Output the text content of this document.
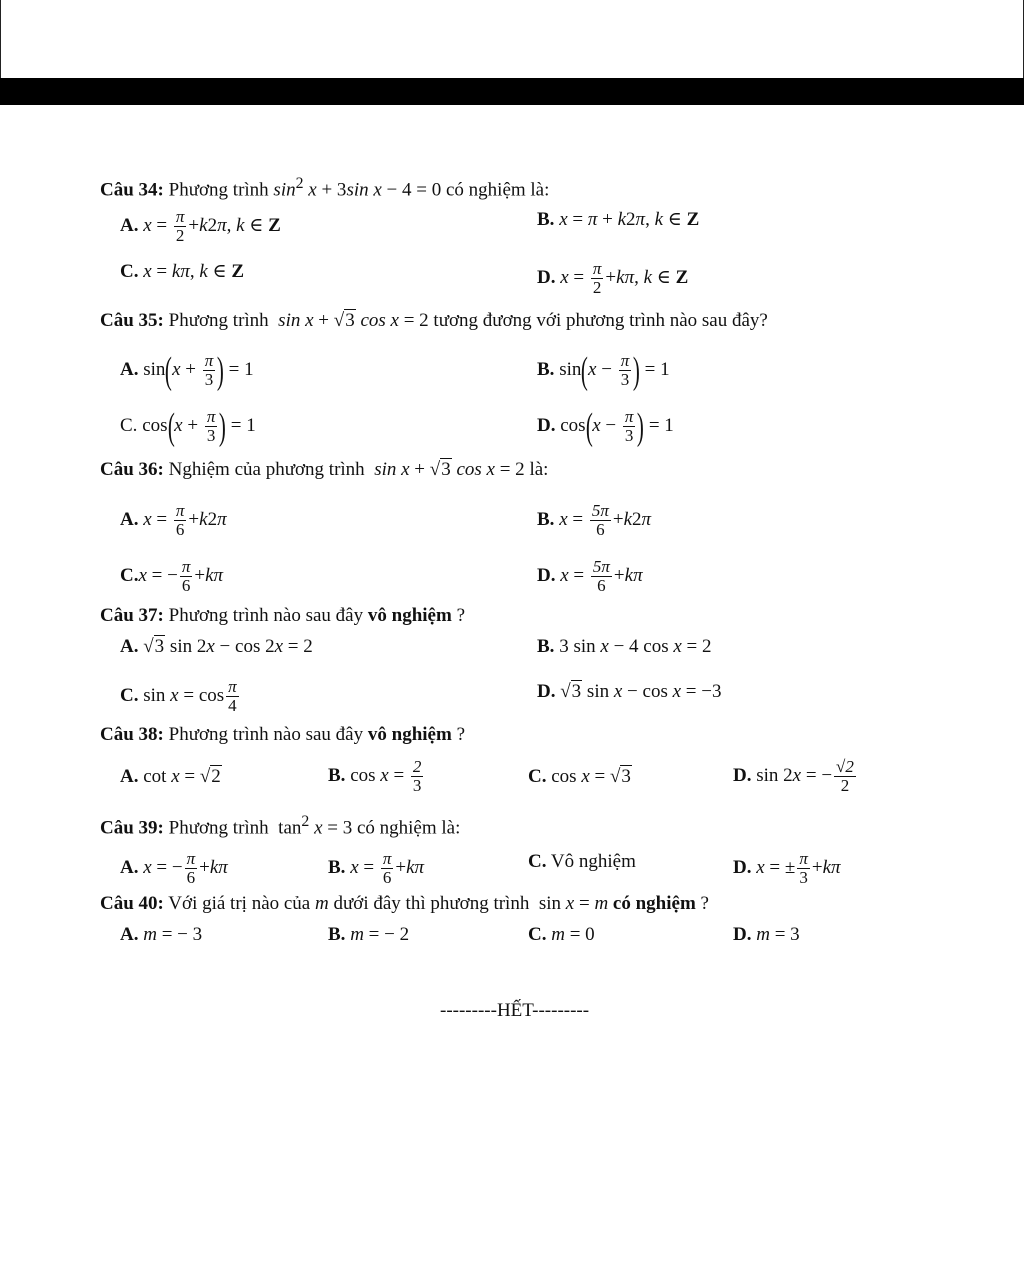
Câu 34: Phương trình $\sin^2 x + 3\sin$ x − 4 = 0 có nghiệm là:
A. $x = \frac{\pi}{2} +k2\pi$, k ∈ Z	B. x = π + k2π, k ∈ Z
C. x = kπ, k ∈ Z	D. $x = \frac{\pi}{2} +k\pi$, k ∈ Z
Câu 35: Phương trình sin x + √3 cos x = 2 tương đương với phương trình nào sau đây?
A. $\sin(x + \frac{\pi}{3}$ ) = 1	B. $\sin(x - \frac{\pi}{3}$ ) = 1
C. $\cos(x + \frac{\pi}{3}$ ) = 1	D. $\cos(x - \frac{\pi}{3}$ ) = 1
Câu 36: Nghiệm của phương trình sin x + √3 cos x = 2 là:
A. $x = \frac{\pi}{6} +k2\pi$	B. $x = \frac{5\pi}{6} +k2\pi$
C.x = − $\frac{\pi}{6} +k\pi$	D. $x = \frac{5\pi}{6} +k\pi$
Câu 37: Phương trình nào sau đây vô nghiệm ?
A. √3 sin 2x − cos 2x = 2	B. 3 sin x − 4 cos x = 2
C. $\sin x = \cos \frac{\pi}{4}$	D. √3 sin x − cos x = −3
Câu 38: Phương trình nào sau đây vô nghiệm ?
A. cot x = √2	B. $\cos x = \frac{2}{3}$	C. cos x = √3	D. sin 2x = − $\frac{√2}{2}$
Câu 39: Phương trình  $\tan^2 x = 3$ có nghiệm là:
A. x = − $\frac{\pi}{6} +k\pi$	B. $x = \frac{\pi}{6} +k\pi$	C. Vô nghiệm	D. x = ± $\frac{\pi}{3} +k\pi$
Câu 40: Với giá trị nào của m dưới đây thì phương trình  sin x = m có nghiệm ?
A. m = − 3	B. m = − 2	C. m = 0	D. m = 3
---------HẾT---------
